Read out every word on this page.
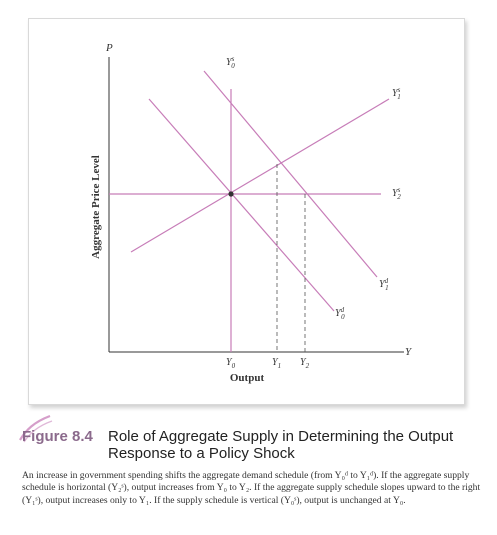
P
Y
Aggregate Price Level
Output
$Y^s$ 0
$Y^s$ 1
$Y^s$ 2
$Y^d$ 1
$Y^d$ 0
$Y_0$	$Y_1$ $Y_2$
Figure 8.4 Role of Aggregate Supply in Determining the Output Response to a Policy Shock
An increase in government spending shifts the aggregate demand schedule (from Y₀ᵈ to Y₁ᵈ). If the aggregate supply schedule is horizontal (Y₂ˢ), output increases from Y₀ to Y₂. If the aggregate supply schedule slopes upward to the right (Y₁ˢ), output increases only to Y₁. If the supply schedule is vertical (Y₀ˢ), output is unchanged at Y₀.
